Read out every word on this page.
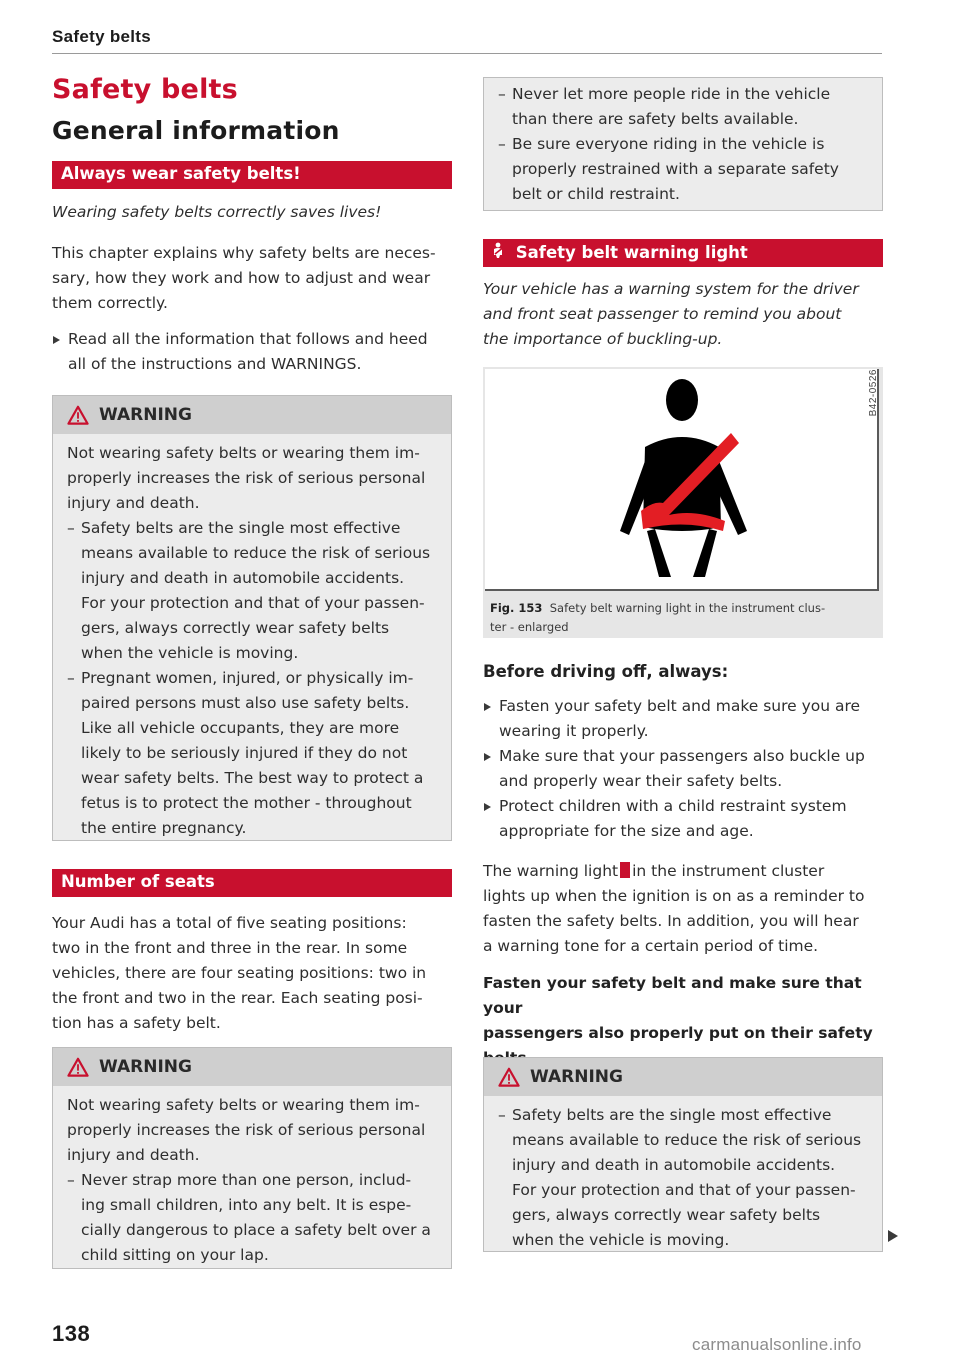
Safety belts
Safety belts
General information
Always wear safety belts!
Wearing safety belts correctly saves lives!
This chapter explains why safety belts are neces-
sary, how they work and how to adjust and wear
them correctly.
Read all the information that follows and heed
all of the instructions and WARNINGS.
WARNING
Not wearing safety belts or wearing them im-
properly increases the risk of serious personal
injury and death.
– Safety belts are the single most effective
means available to reduce the risk of serious
injury and death in automobile accidents.
For your protection and that of your passen-
gers, always correctly wear safety belts
when the vehicle is moving.
– Pregnant women, injured, or physically im-
paired persons must also use safety belts.
Like all vehicle occupants, they are more
likely to be seriously injured if they do not
wear safety belts. The best way to protect a
fetus is to protect the mother - throughout
the entire pregnancy.
Number of seats
Your Audi has a total of five seating positions:
two in the front and three in the rear. In some
vehicles, there are four seating positions: two in
the front and two in the rear. Each seating posi-
tion has a safety belt.
WARNING
Not wearing safety belts or wearing them im-
properly increases the risk of serious personal
injury and death.
– Never strap more than one person, includ-
ing small children, into any belt. It is espe-
cially dangerous to place a safety belt over a
child sitting on your lap.
– Never let more people ride in the vehicle
than there are safety belts available.
– Be sure everyone riding in the vehicle is
properly restrained with a separate safety
belt or child restraint.
Safety belt warning light
Your vehicle has a warning system for the driver
and front seat passenger to remind you about
the importance of buckling-up.
B42-0526
Fig. 153 Safety belt warning light in the instrument clus-
ter - enlarged
Before driving off, always:
Fasten your safety belt and make sure you are
wearing it properly.
Make sure that your passengers also buckle up
and properly wear their safety belts.
Protect children with a child restraint system
appropriate for the size and age.
The warning light in the instrument cluster
lights up when the ignition is on as a reminder to
fasten the safety belts. In addition, you will hear
a warning tone for a certain period of time.
Fasten your safety belt and make sure that your
passengers also properly put on their safety
WARNING
– Safety belts are the single most effective
means available to reduce the risk of serious
injury and death in automobile accidents.
For your protection and that of your passen-
gers, always correctly wear safety belts
when the vehicle is moving.
138	carmanualsonline.info
